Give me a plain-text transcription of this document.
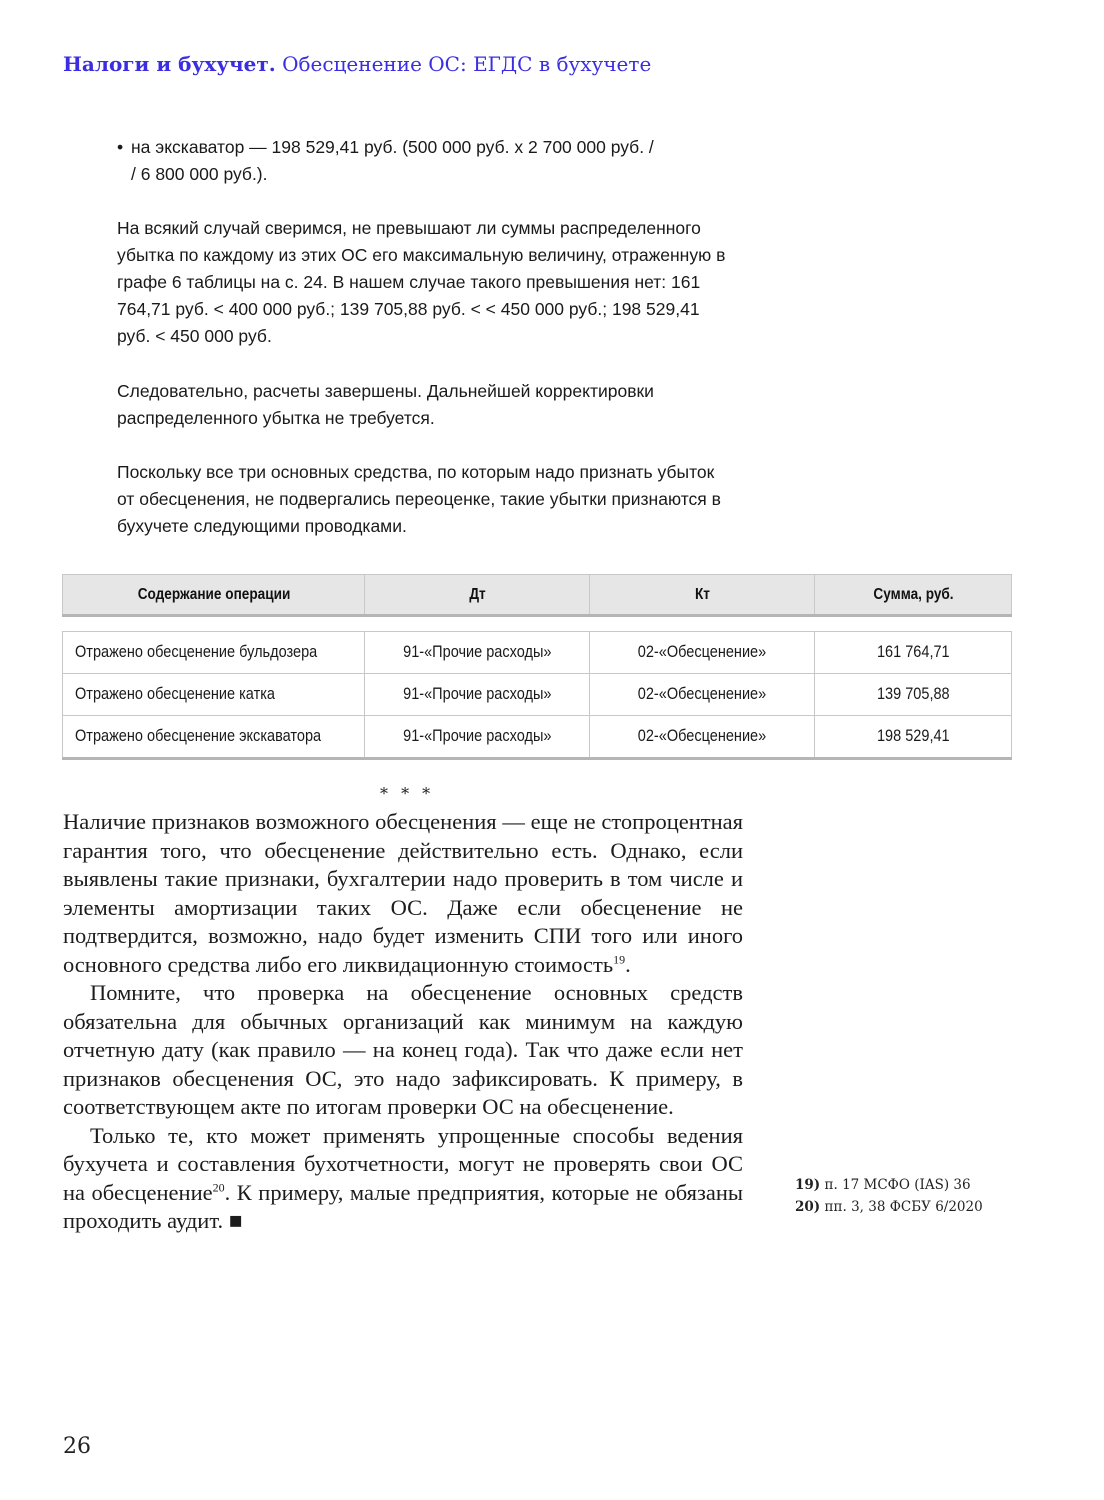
Налоги и бухучет. Обесценение ОС: ЕГДС в бухучете
• на экскаватор — 198 529,41 руб. (500 000 руб. x 2 700 000 руб. /
/ 6 800 000 руб.).
На всякий случай сверимся, не превышают ли суммы распределенного убытка по каждому из этих ОС его максимальную величину, отраженную в графе 6 таблицы на с. 24. В нашем случае такого превышения нет: 161 764,71 руб. < 400 000 руб.; 139 705,88 руб. < < 450 000 руб.; 198 529,41 руб. < 450 000 руб.
Следовательно, расчеты завершены. Дальнейшей корректировки распределенного убытка не требуется.
Поскольку все три основных средства, по которым надо признать убыток от обесценения, не подвергались переоценке, такие убытки признаются в бухучете следующими проводками.
Содержание операции	Дт	Кт	Сумма, руб.
Отражено обесценение бульдозера	91-«Прочие расходы»	02-«Обесценение»	161 764,71
Отражено обесценение катка	91-«Прочие расходы»	02-«Обесценение»	139 705,88
Отражено обесценение экскаватора	91-«Прочие расходы»	02-«Обесценение»	198 529,41
* * *

Наличие признаков возможного обесценения — еще не стопроцентная гарантия того, что обесценение действительно есть. Однако, если выявлены такие признаки, бухгалтерии надо проверить в том числе и элементы амортизации таких ОС. Даже если обесценение не подтвердится, возможно, надо будет изменить СПИ того или иного основного средства либо его ликвидационную стоимость$^{19}$.

Помните, что проверка на обесценение основных средств обязательна для обычных организаций как минимум на каждую отчетную дату (как правило — на конец года). Так что даже если нет признаков обесценения ОС, это надо зафиксировать. К примеру, в соответствующем акте по итогам проверки ОС на обесценение.

Только те, кто может применять упрощенные способы ведения бухучета и составления бухотчетности, могут не проверять свои ОС на обесценение$^{20}$. К примеру, малые предприятия, которые не обязаны проходить аудит. ■

19) п. 17 МСФО (IAS) 36
20) пп. 3, 38 ФСБУ 6/2020
26
